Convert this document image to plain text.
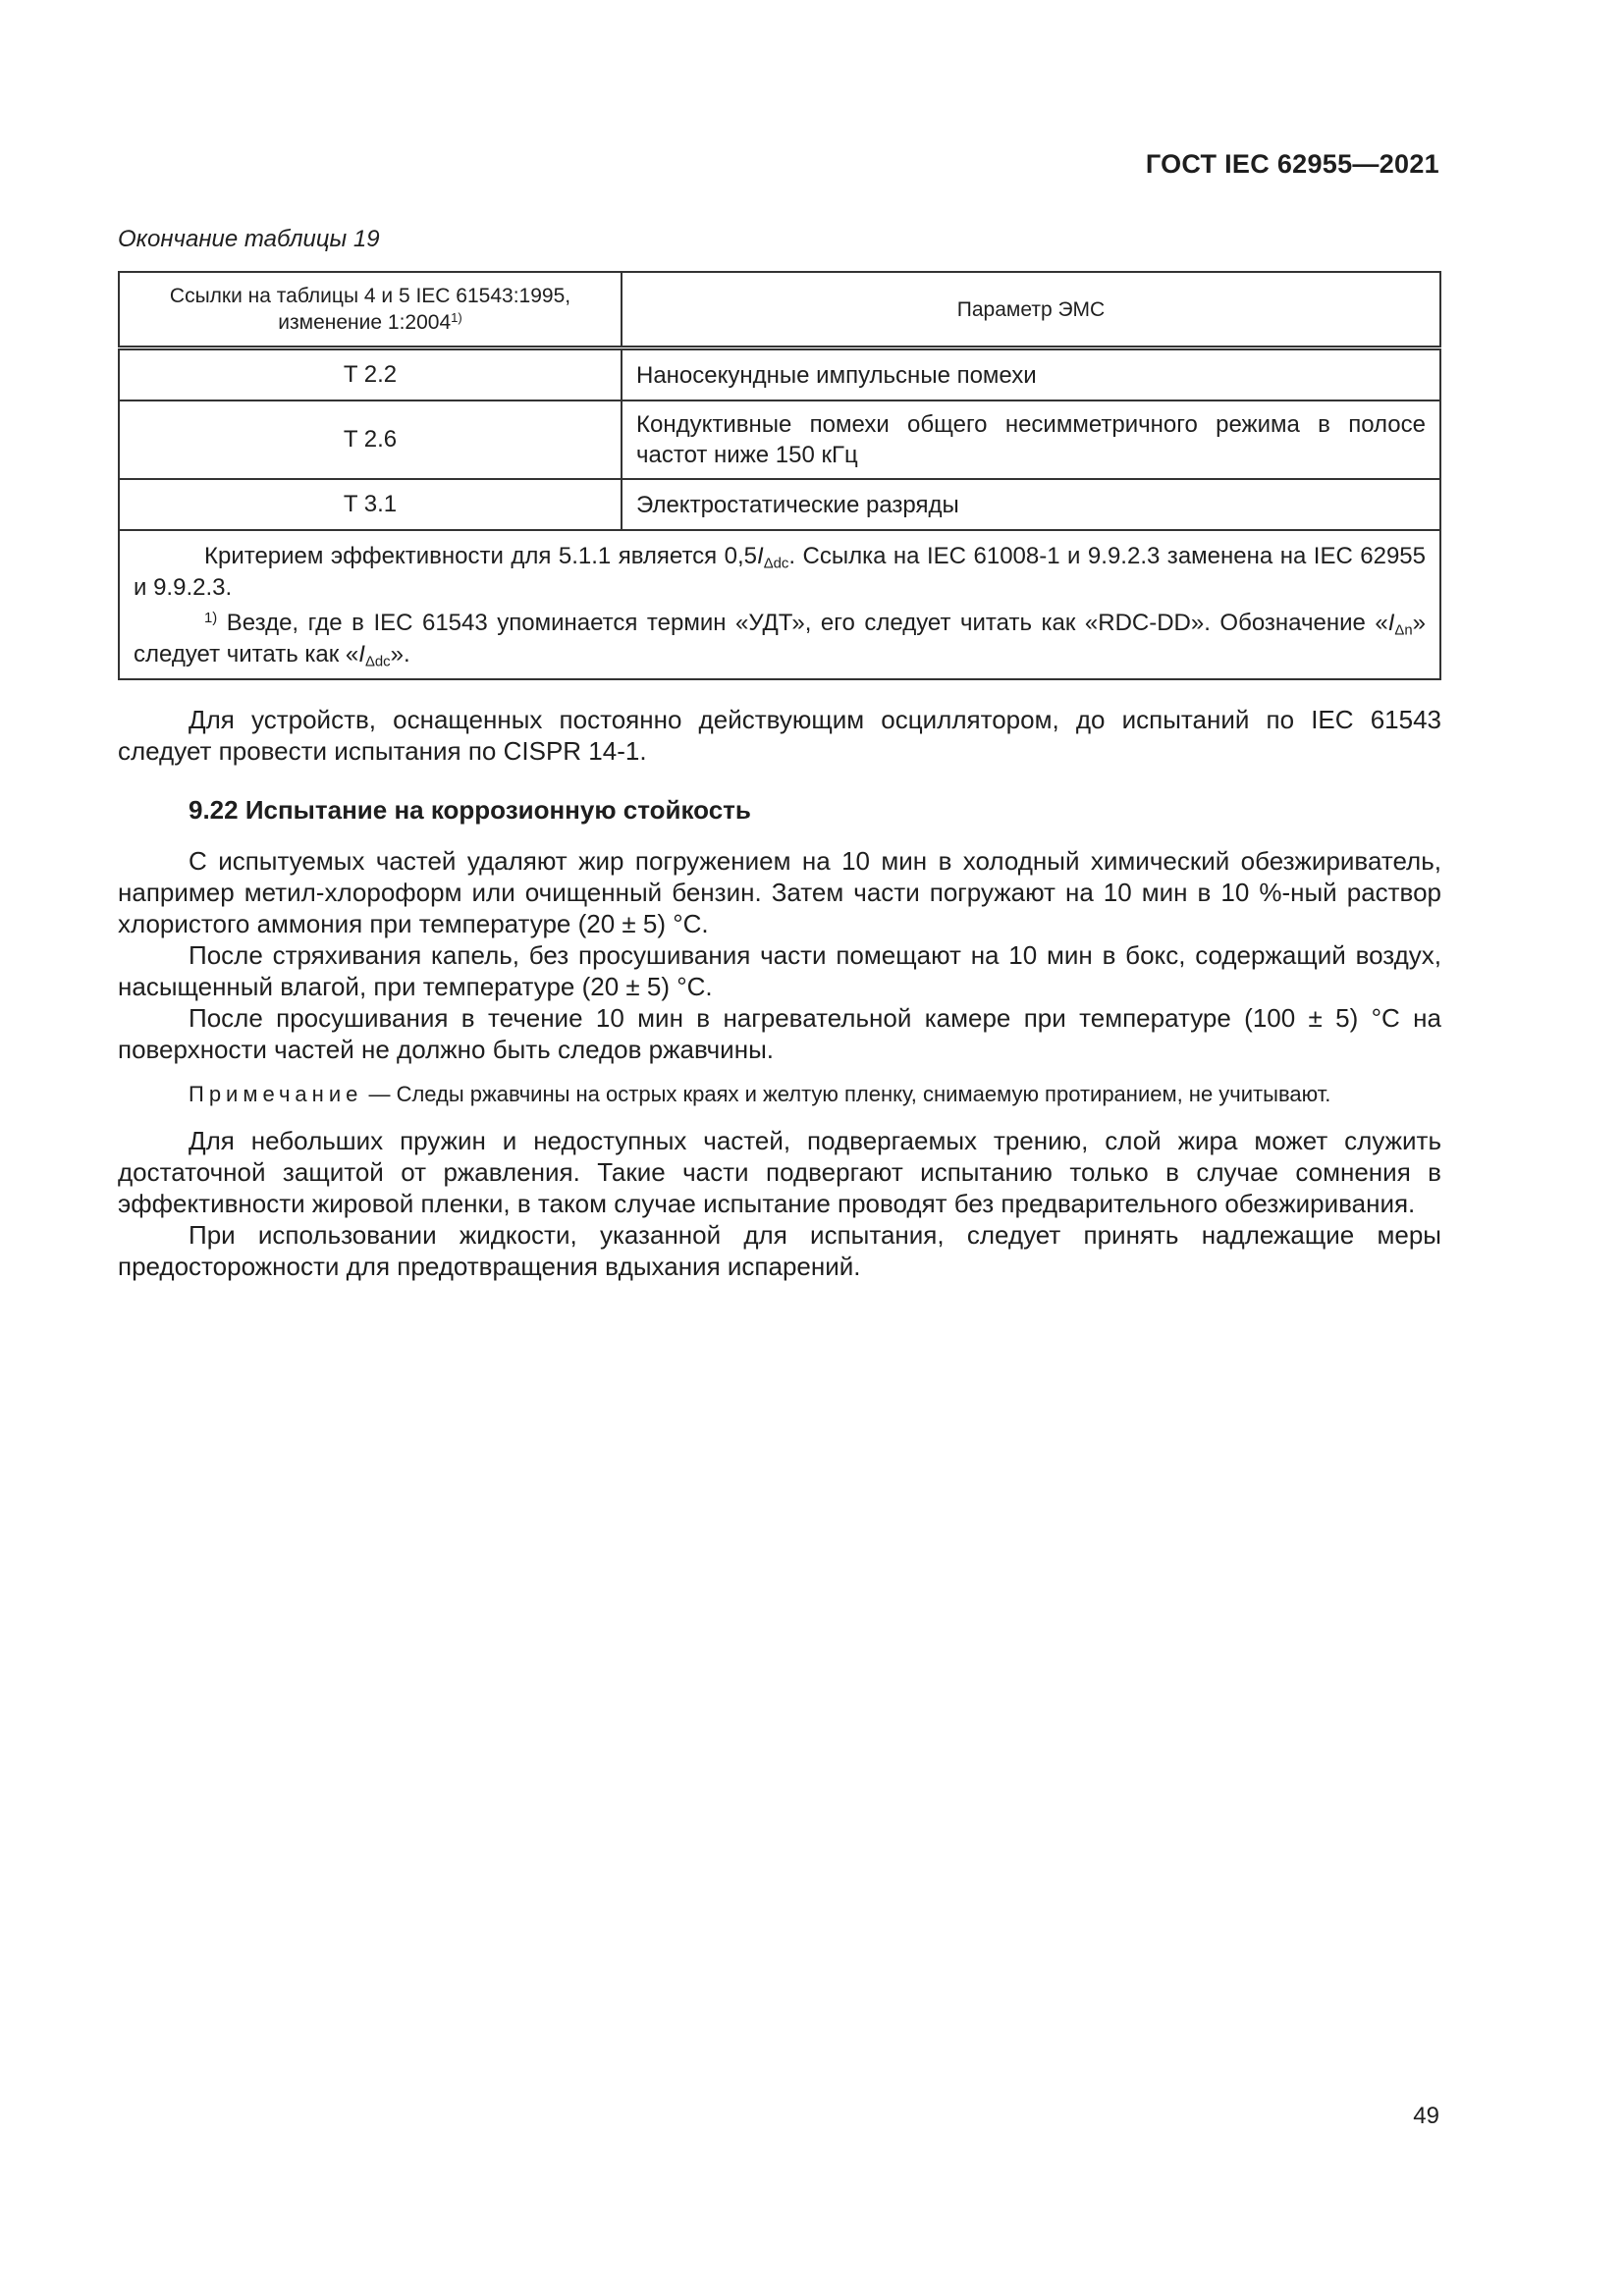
ГОСТ IEC 62955—2021
Окончание таблицы 19
Ссылки на таблицы 4 и 5 IEC 61543:1995, изменение 1:2004$^{1)}$	Параметр ЭМС
T 2.2	Наносекундные импульсные помехи
T 2.6	Кондуктивные помехи общего несимметричного режима в полосе частот ниже 150 кГц
T 3.1	Электростатические разряды

Критерием эффективности для 5.1.1 является $0,5I_{\Delta dc}$. Ссылка на IEC 61008-1 и 9.9.2.3 заменена на IEC 62955 и 9.9.2.3.
$^{1)}$ Везде, где в IEC 61543 упоминается термин «УДТ», его следует читать как «RDC-DD». Обозначение «$I_{\Delta n}$» следует читать как «$I_{\Delta dc}$».	

Для устройств, оснащенных постоянно действующим осциллятором, до испытаний по IEC 61543 следует провести испытания по CISPR 14-1.

9.22 Испытание на коррозионную стойкость

С испытуемых частей удаляют жир погружением на 10 мин в холодный химический обезжириватель, например метил-хлороформ или очищенный бензин. Затем части погружают на 10 мин в 10 %-ный раствор хлористого аммония при температуре (20 ± 5) °С.

После стряхивания капель, без просушивания части помещают на 10 мин в бокс, содержащий воздух, насыщенный влагой, при температуре (20 ± 5) °С.

После просушивания в течение 10 мин в нагревательной камере при температуре (100 ± 5) °С на поверхности частей не должно быть следов ржавчины.

Примечание — Следы ржавчины на острых краях и желтую пленку, снимаемую протиранием, не учитывают.

Для небольших пружин и недоступных частей, подвергаемых трению, слой жира может служить достаточной защитой от ржавления. Такие части подвергают испытанию только в случае сомнения в эффективности жировой пленки, в таком случае испытание проводят без предварительного обезжиривания.

При использовании жидкости, указанной для испытания, следует принять надлежащие меры предосторожности для предотвращения вдыхания испарений.

49
